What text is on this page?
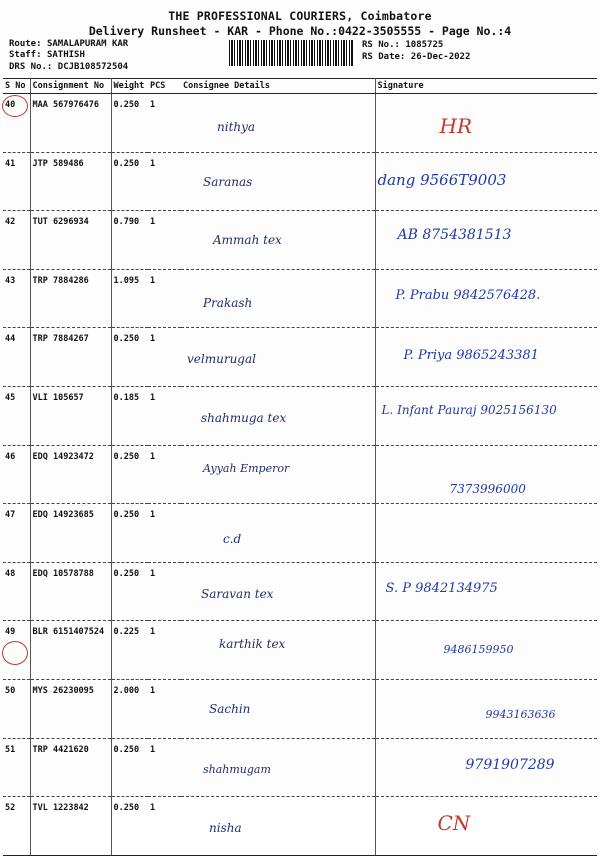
THE PROFESSIONAL COURIERS, Coimbatore
Delivery Runsheet - KAR - Phone No.:0422-3505555 - Page No.:4
Route: SAMALAPURAM KAR
Staff: SATHISH
DRS No.: DCJB108572504
RS No.: 1085725
RS Date: 26-Dec-2022
S No	Consignment No	Weight	PCS	Consignee Details	Signature
40	MAA 567976476	0.250	1	nithya	HR
41	JTP 589486	0.250	1	Saranas	dang 9566T9003
42	TUT 6296934	0.790	1	Ammah tex	AB 8754381513
43	TRP 7884286	1.095	1	Prakash	P. Prabu 9842576428.
44	TRP 7884267	0.250	1	velmurugal	P. Priya 9865243381
45	VLI 105657	0.185	1	shahmuga tex	L. Infant Pauraj 9025156130
46	EDQ 14923472	0.250	1	Ayyah Emperor	7373996000
47	EDQ 14923685	0.250	1	c.d	
48	EDQ 10578788	0.250	1	Saravan tex	S. P 9842134975
49	BLR 6151407524	0.225	1	karthik tex	9486159950
50	MYS 26230095	2.000	1	Sachin	9943163636
51	TRP 4421620	0.250	1	shahmugam	9791907289
52	TVL 1223842	0.250	1	nisha	CN
